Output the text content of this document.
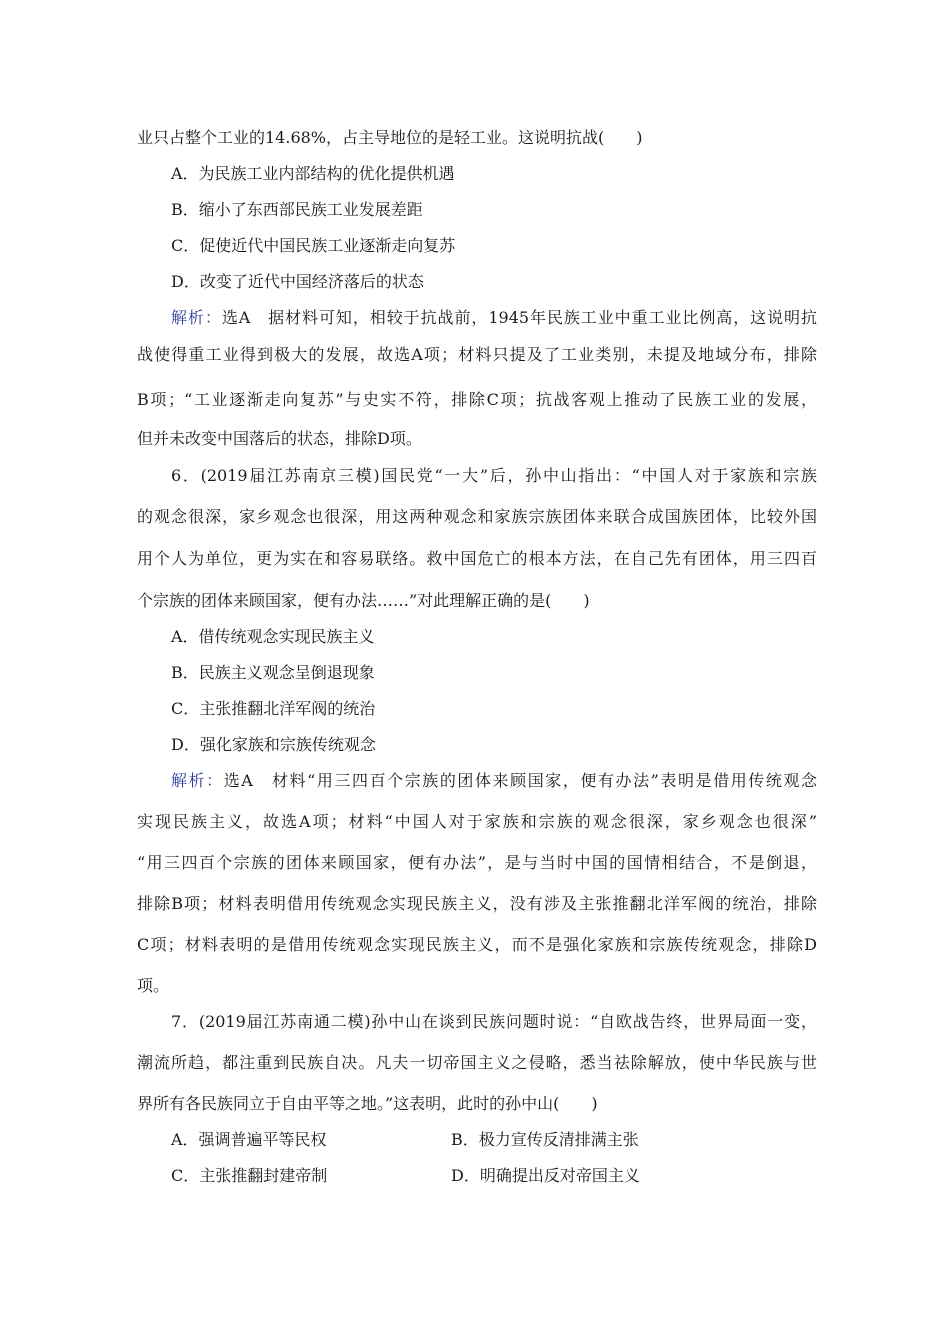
业只占整个工业的14.68%，占主导地位的是轻工业。这说明抗战(　　)
A．为民族工业内部结构的优化提供机遇
B．缩小了东西部民族工业发展差距
C．促使近代中国民族工业逐渐走向复苏
D．改变了近代中国经济落后的状态
解析：选A　据材料可知，相较于抗战前，1945年民族工业中重工业比例高，这说明抗
战使得重工业得到极大的发展，故选A项；材料只提及了工业类别，未提及地域分布，排除
B项；“工业逐渐走向复苏”与史实不符，排除C项；抗战客观上推动了民族工业的发展，
但并未改变中国落后的状态，排除D项。
6．(2019届江苏南京三模)国民党“一大”后，孙中山指出：“中国人对于家族和宗族
的观念很深，家乡观念也很深，用这两种观念和家族宗族团体来联合成国族团体，比较外国
用个人为单位，更为实在和容易联络。救中国危亡的根本方法，在自己先有团体，用三四百
个宗族的团体来顾国家，便有办法……”对此理解正确的是(　　)
A．借传统观念实现民族主义
B．民族主义观念呈倒退现象
C．主张推翻北洋军阀的统治
D．强化家族和宗族传统观念
解析：选A　材料“用三四百个宗族的团体来顾国家，便有办法”表明是借用传统观念
实现民族主义，故选A项；材料“中国人对于家族和宗族的观念很深，家乡观念也很深”
“用三四百个宗族的团体来顾国家，便有办法”，是与当时中国的国情相结合，不是倒退，
排除B项；材料表明借用传统观念实现民族主义，没有涉及主张推翻北洋军阀的统治，排除
C项；材料表明的是借用传统观念实现民族主义，而不是强化家族和宗族传统观念，排除D
项。
7．(2019届江苏南通二模)孙中山在谈到民族问题时说：“自欧战告终，世界局面一变，
潮流所趋，都注重到民族自决。凡夫一切帝国主义之侵略，悉当祛除解放，使中华民族与世
界所有各民族同立于自由平等之地。”这表明，此时的孙中山(　　)
A．强调普遍平等民权	B．极力宣传反清排满主张
C．主张推翻封建帝制	D．明确提出反对帝国主义
